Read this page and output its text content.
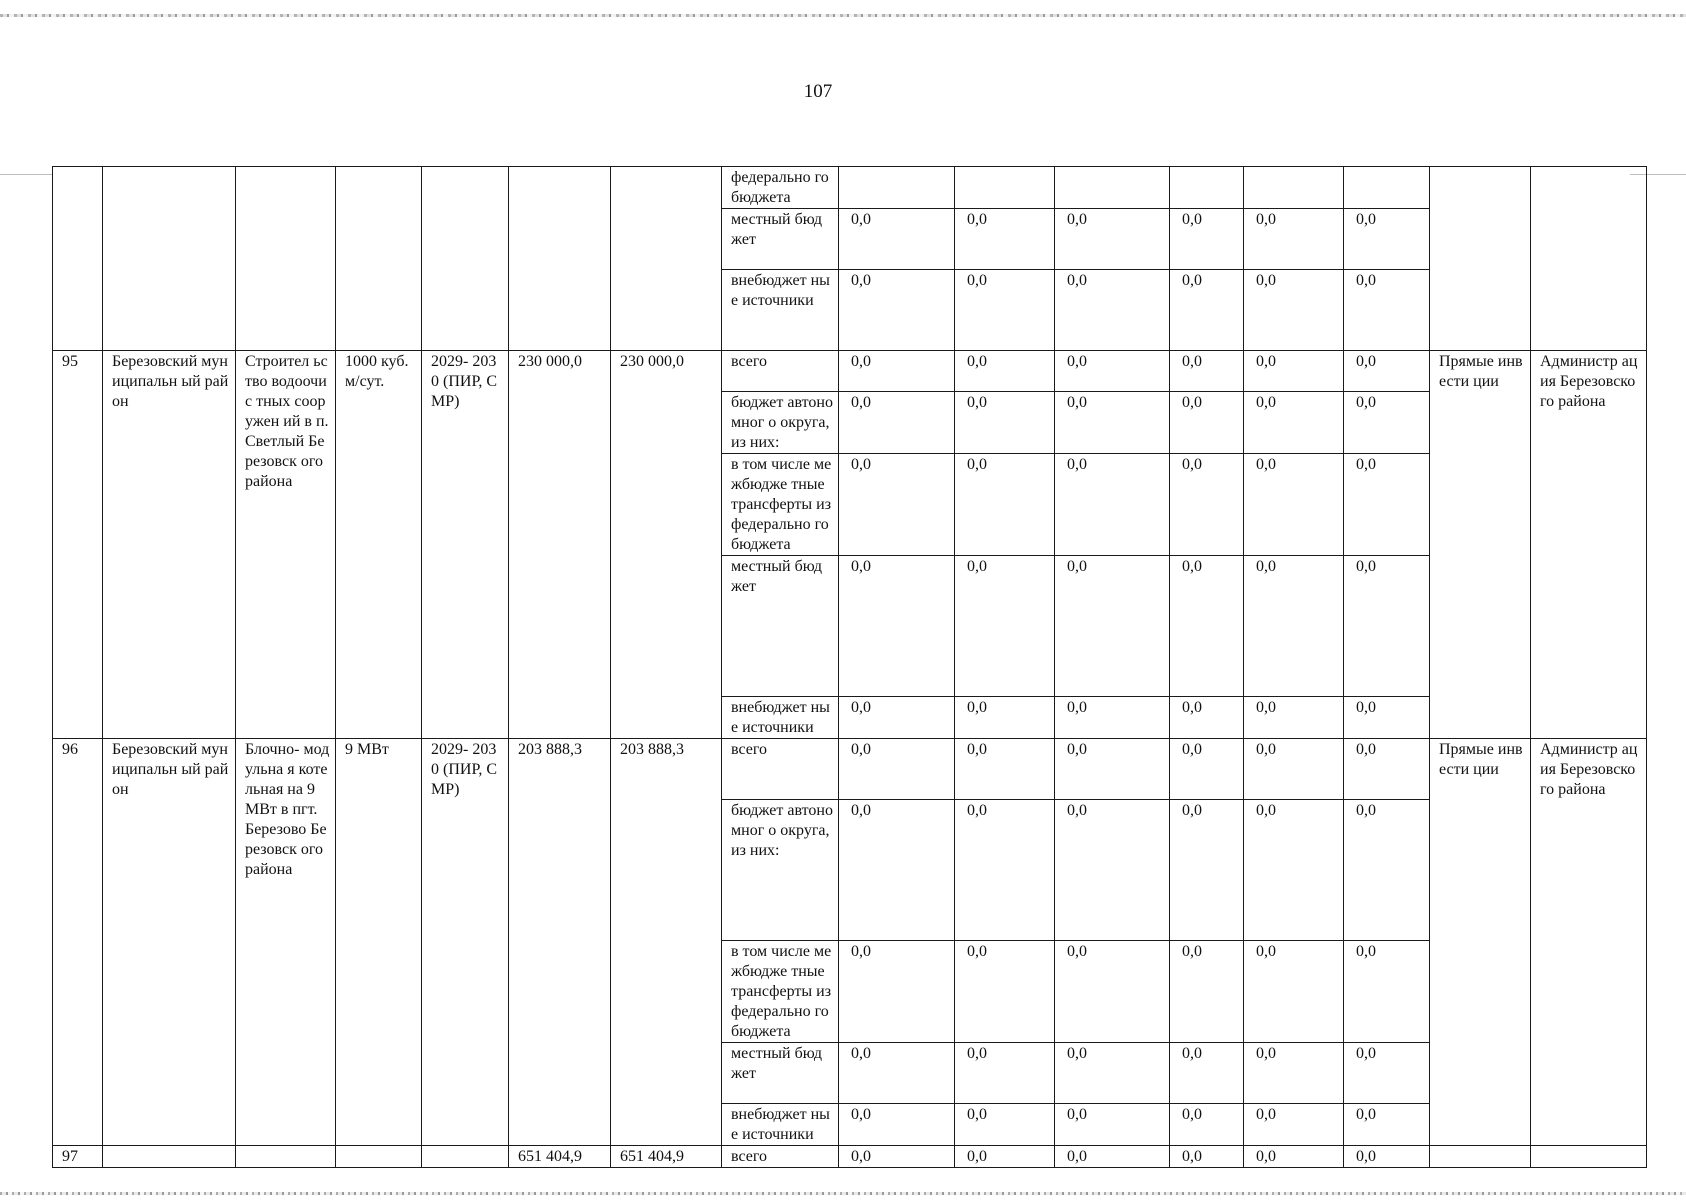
107
							федерально го бюджета								
							местный бюджет	0,0	0,0	0,0	0,0	0,0	0,0		
							внебюджет ные источники	0,0	0,0	0,0	0,0	0,0	0,0		
95	Березовский муниципальн ый район	Строител ьство водоочис тных сооружен ий в п. Светлый Березовск ого района	1000 куб. м/сут.	2029- 2030 (ПИР, СМР)	230 000,0	230 000,0	всего	0,0	0,0	0,0	0,0	0,0	0,0	Прямые инвести ции	Администр ация Березовско го района
							бюджет автономног о округа, из них:	0,0	0,0	0,0	0,0	0,0	0,0		
							в том числе межбюдже тные трансферты из федерально го бюджета	0,0	0,0	0,0	0,0	0,0	0,0		
							местный бюджет	0,0	0,0	0,0	0,0	0,0	0,0		
							внебюджет ные источники	0,0	0,0	0,0	0,0	0,0	0,0		
96	Березовский муниципальн ый район	Блочно- модульна я котельная на 9 МВт в пгт. Березово Березовск ого района	9 МВт	2029- 2030 (ПИР, СМР)	203 888,3	203 888,3	всего	0,0	0,0	0,0	0,0	0,0	0,0	Прямые инвести ции	Администр ация Березовско го района
							бюджет автономног о округа, из них:	0,0	0,0	0,0	0,0	0,0	0,0		
							в том числе межбюдже тные трансферты из федерально го бюджета	0,0	0,0	0,0	0,0	0,0	0,0		
							местный бюджет	0,0	0,0	0,0	0,0	0,0	0,0		
							внебюджет ные источники	0,0	0,0	0,0	0,0	0,0	0,0		
97					651 404,9	651 404,9	всего	0,0	0,0	0,0	0,0	0,0	0,0		
